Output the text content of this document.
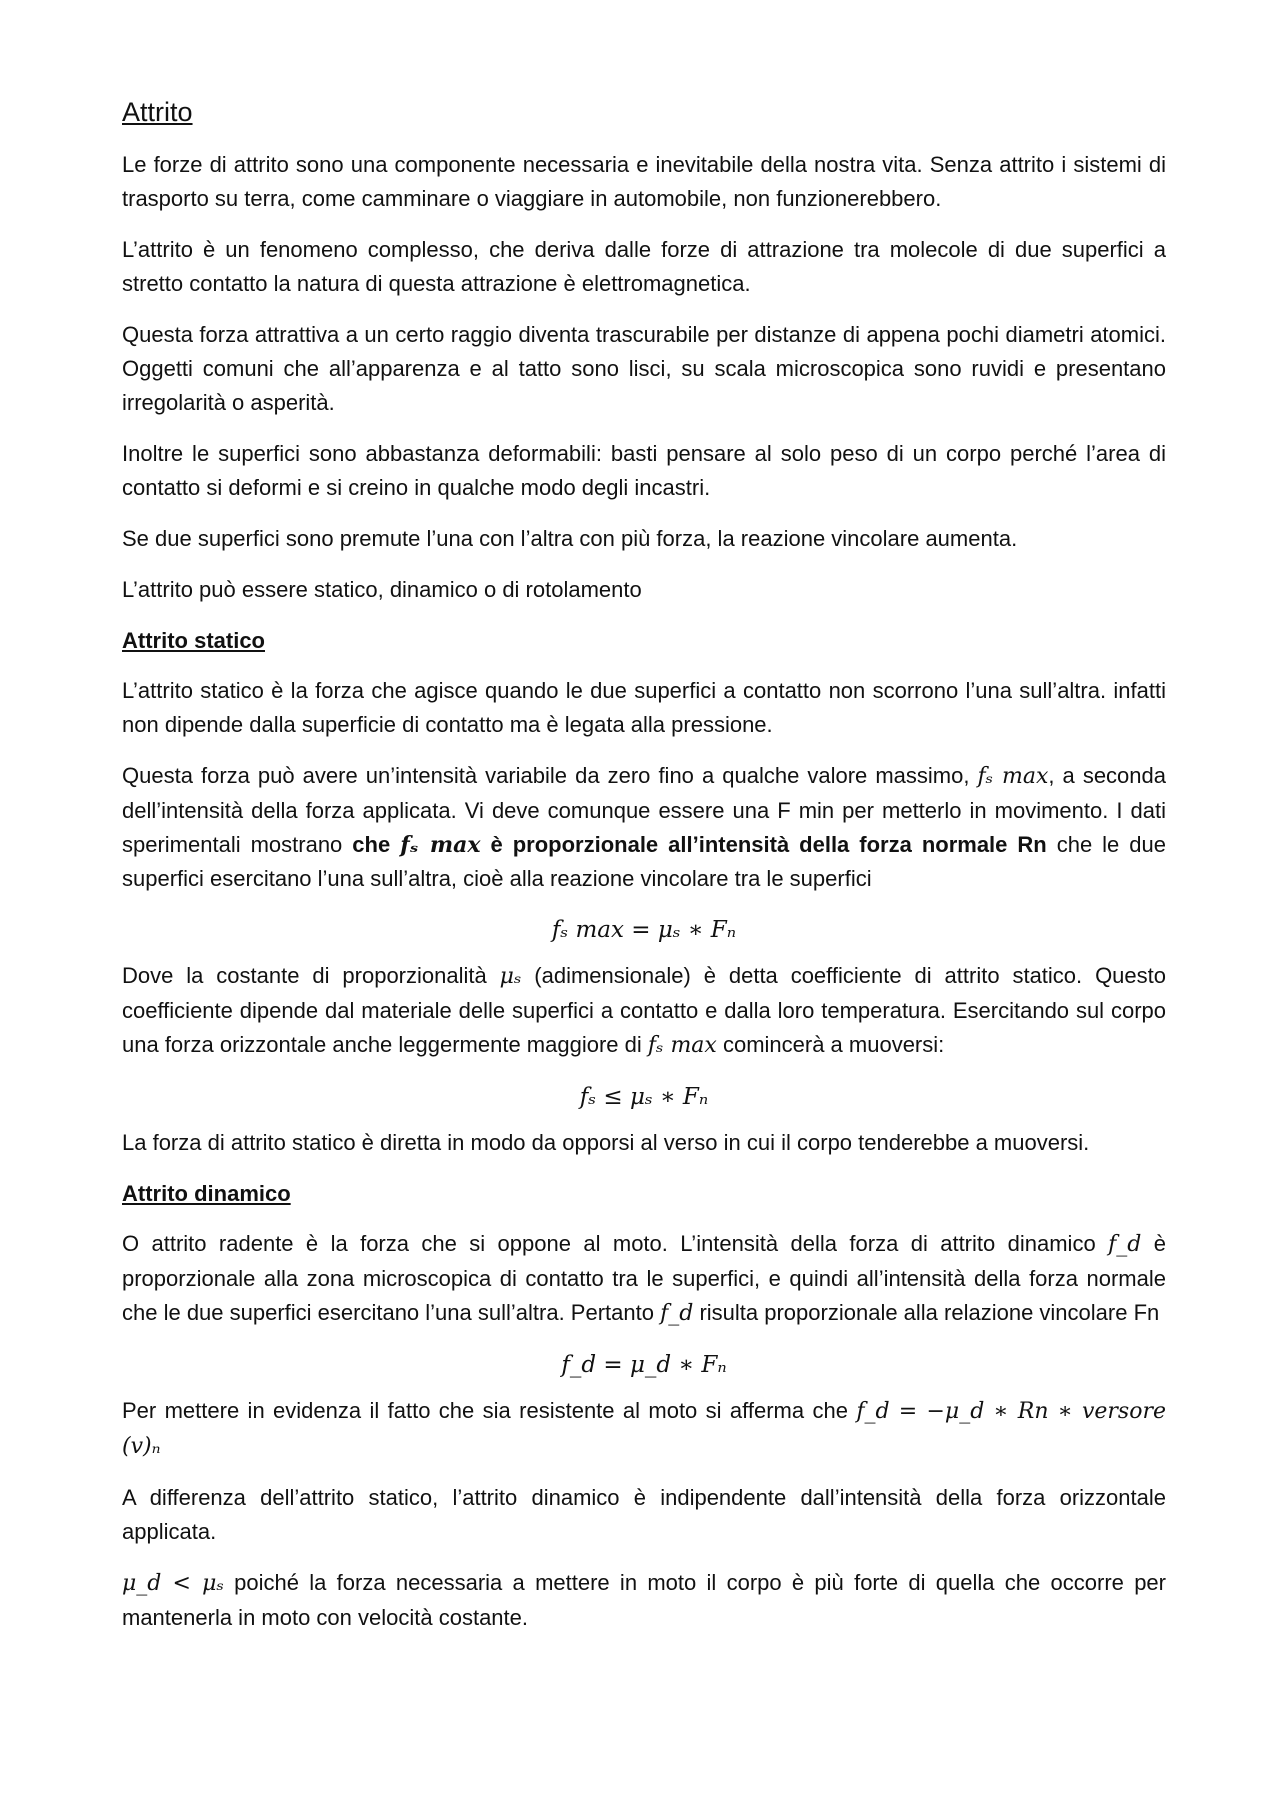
Attrito

Le forze di attrito sono una componente necessaria e inevitabile della nostra vita. Senza attrito i sistemi di trasporto su terra, come camminare o viaggiare in automobile, non funzionerebbero.

L’attrito è un fenomeno complesso, che deriva dalle forze di attrazione tra molecole di due superfici a stretto contatto la natura di questa attrazione è elettromagnetica.

Questa forza attrattiva a un certo raggio diventa trascurabile per distanze di appena pochi diametri atomici. Oggetti comuni che all’apparenza e al tatto sono lisci, su scala microscopica sono ruvidi e presentano irregolarità o asperità.

Inoltre le superfici sono abbastanza deformabili: basti pensare al solo peso di un corpo perché l’area di contatto si deformi e si creino in qualche modo degli incastri.

Se due superfici sono premute l’una con l’altra con più forza, la reazione vincolare aumenta.

L’attrito può essere statico, dinamico o di rotolamento

Attrito statico

L’attrito statico è la forza che agisce quando le due superfici a contatto non scorrono l’una sull’altra. infatti non dipende dalla superficie di contatto ma è legata alla pressione.

Questa forza può avere un’intensità variabile da zero fino a qualche valore massimo, fₛ max, a seconda dell’intensità della forza applicata. Vi deve comunque essere una F min per metterlo in movimento. I dati sperimentali mostrano che fₛ max è proporzionale all’intensità della forza normale Rn che le due superfici esercitano l’una sull’altra, cioè alla reazione vincolare tra le superfici

fₛ max = μₛ ∗ Fₙ

Dove la costante di proporzionalità μₛ (adimensionale) è detta coefficiente di attrito statico. Questo coefficiente dipende dal materiale delle superfici a contatto e dalla loro temperatura. Esercitando sul corpo una forza orizzontale anche leggermente maggiore di fₛ max comincerà a muoversi:

fₛ ≤ μₛ ∗ Fₙ

La forza di attrito statico è diretta in modo da opporsi al verso in cui il corpo tenderebbe a muoversi.

Attrito dinamico

O attrito radente è la forza che si oppone al moto. L’intensità della forza di attrito dinamico f_d è proporzionale alla zona microscopica di contatto tra le superfici, e quindi all’intensità della forza normale che le due superfici esercitano l’una sull’altra. Pertanto f_d risulta proporzionale alla relazione vincolare Fn

f_d = μ_d ∗ Fₙ

Per mettere in evidenza il fatto che sia resistente al moto si afferma che f_d = −μ_d ∗ Rn ∗ versore (v)ₙ

A differenza dell’attrito statico, l’attrito dinamico è indipendente dall’intensità della forza orizzontale applicata.

μ_d < μₛ poiché la forza necessaria a mettere in moto il corpo è più forte di quella che occorre per mantenerla in moto con velocità costante.
